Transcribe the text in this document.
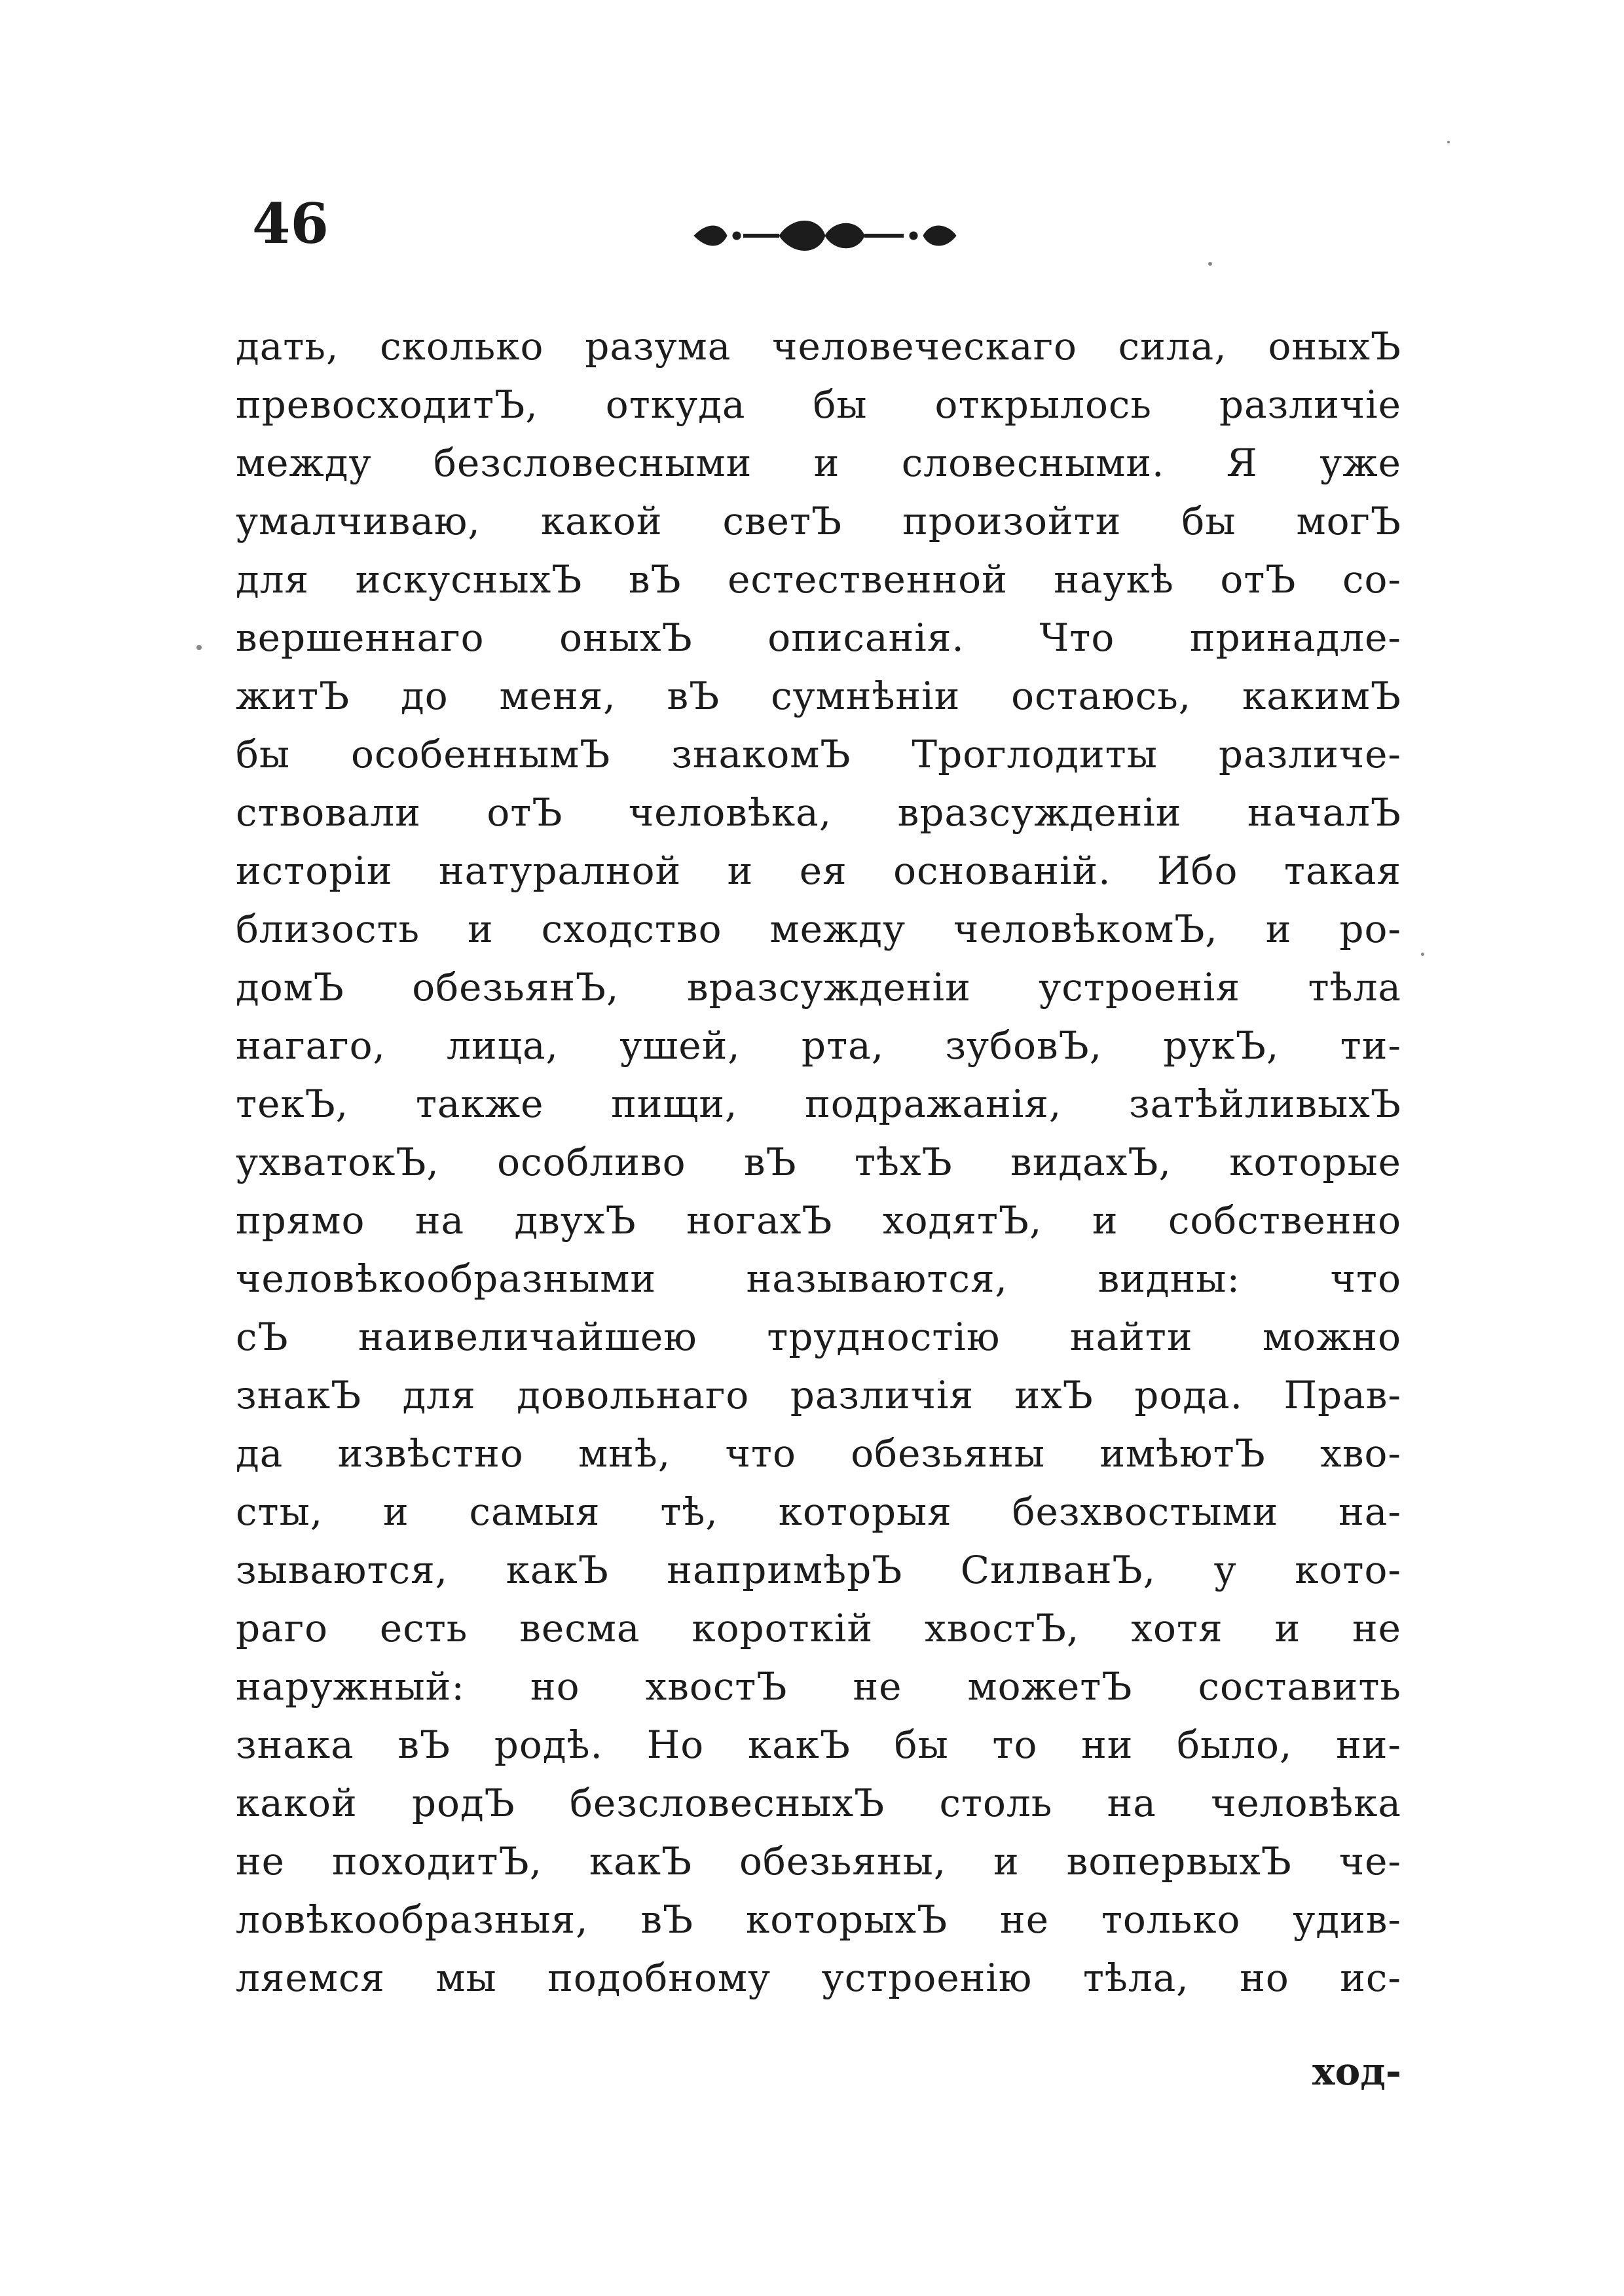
46
дать, сколько разума человеческаго сила, оныхЪ
превосходитЪ, откуда бы открылось различiе
между безсловесными и словесными. Я уже
умалчиваю, какой светЪ произойти бы могЪ
для искусныхЪ вЪ естественной наукѣ отЪ со-
вершеннаго оныхЪ описанiя. Что принадле-
житЪ до меня, вЪ сумнѣнiи остаюсь, какимЪ
бы особеннымЪ знакомЪ Троглодиты различе-
ствовали отЪ человѣка, вразсужденiи началЪ
исторiи натуралной и ея основанiй. Ибо такая
близость и сходство между человѣкомЪ, и ро-
домЪ обезьянЪ, вразсужденiи устроенiя тѣла
нагаго, лица, ушей, рта, зубовЪ, рукЪ, ти-
текЪ, также пищи, подражанiя, затѣйливыхЪ
ухватокЪ, особливо вЪ тѣхЪ видахЪ, которые
прямо на двухЪ ногахЪ ходятЪ, и собственно
человѣкообразными называются, видны: что
сЪ наивеличайшею трудностiю найти можно
знакЪ для довольнаго различiя ихЪ рода. Прав-
да извѣстно мнѣ, что обезьяны имѣютЪ хво-
сты, и самыя тѣ, которыя безхвостыми на-
зываются, какЪ напримѣрЪ СилванЪ, у кото-
раго есть весма короткiй хвостЪ, хотя и не
наружный: но хвостЪ не можетЪ составить
знака вЪ родѣ. Но какЪ бы то ни было, ни-
какой родЪ безсловесныхЪ столь на человѣка
не походитЪ, какЪ обезьяны, и вопервыхЪ че-
ловѣкообразныя, вЪ которыхЪ не только удив-
ляемся мы подобному устроенiю тѣла, но ис-
ход-
